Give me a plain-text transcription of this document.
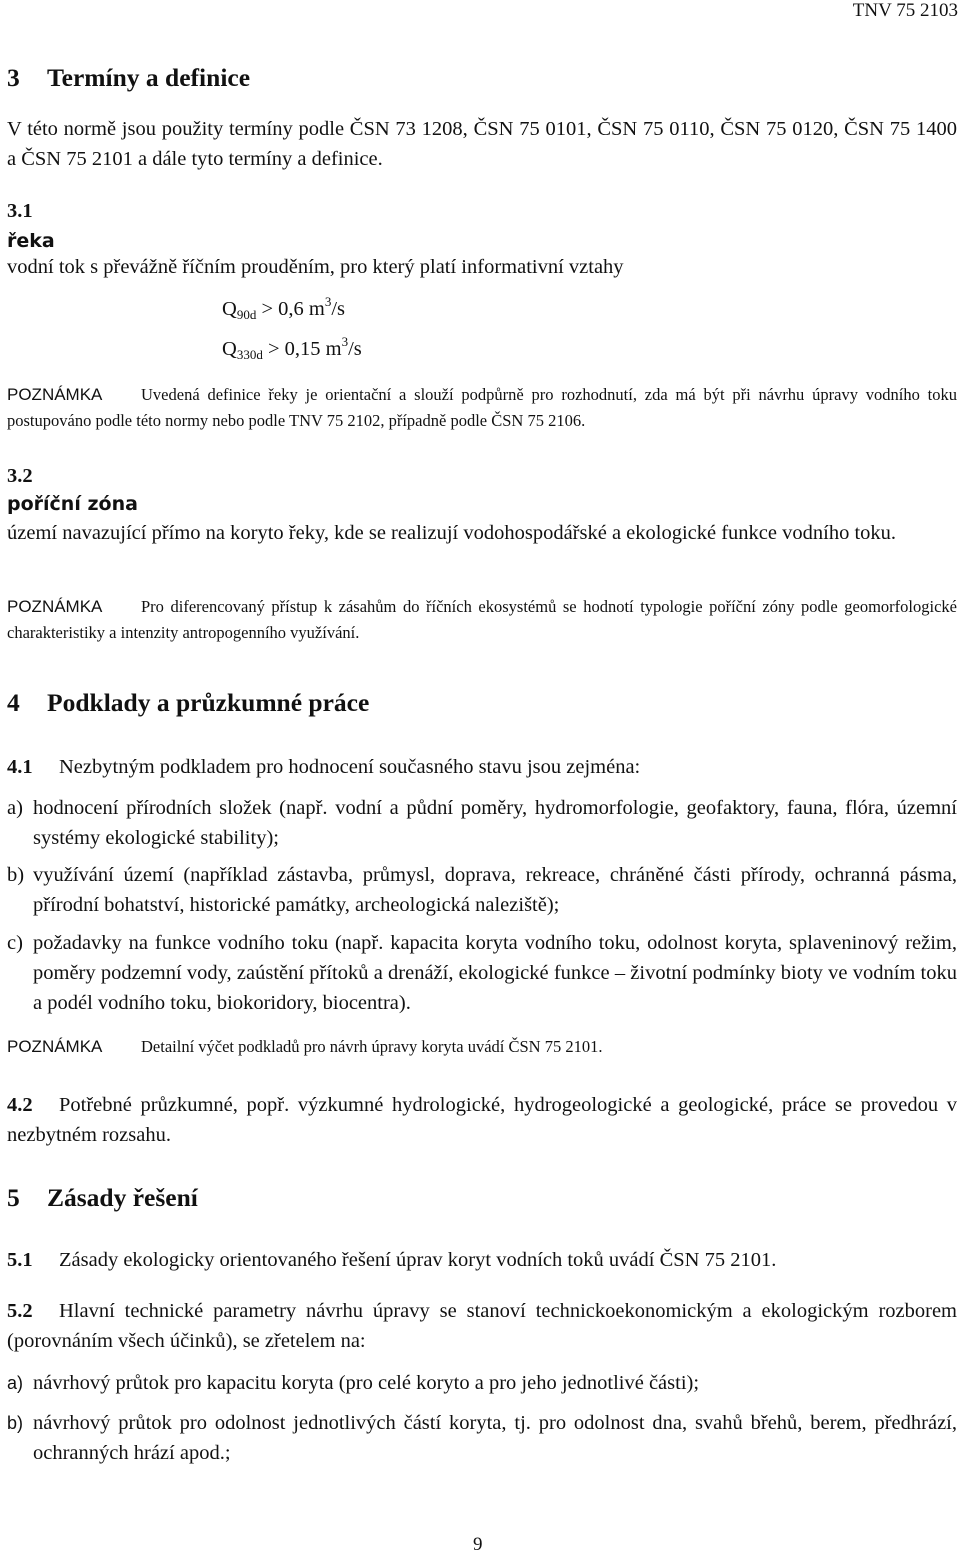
TNV 75 2103
3 Termíny a definice

V této normě jsou použity termíny podle ČSN 73 1208, ČSN 75 0101, ČSN 75 0110, ČSN 75 0120, ČSN 75 1400 a ČSN 75 2101 a dále tyto termíny a definice.

3.1
řeka

vodní tok s převážně říčním prouděním, pro který platí informativní vztahy

$Q_{90d} > 0,6$ $m^3/s$
$Q_{330d} > 0,15$ $m^3/s$

POZNÁMKA Uvedená definice řeky je orientační a slouží podpůrně pro rozhodnutí, zda má být při návrhu úpravy vodního toku postupováno podle této normy nebo podle TNV 75 2102, případně podle ČSN 75 2106.

3.2
poříční zóna

území navazující přímo na koryto řeky, kde se realizují vodohospodářské a ekologické funkce vodního toku.

POZNÁMKA Pro diferencovaný přístup k zásahům do říčních ekosystémů se hodnotí typologie poříční zóny podle geomorfologické charakteristiky a intenzity antropogenního využívání.

4 Podklady a průzkumné práce

4.1 Nezbytným podkladem pro hodnocení současného stavu jsou zejména:

a) hodnocení přírodních složek (např. vodní a půdní poměry, hydromorfologie, geofaktory, fauna, flóra, územní systémy ekologické stability);

b) využívání území (například zástavba, průmysl, doprava, rekreace, chráněné části přírody, ochranná pásma, přírodní bohatství, historické památky, archeologická naleziště);

c) požadavky na funkce vodního toku (např. kapacita koryta vodního toku, odolnost koryta, splaveninový režim, poměry podzemní vody, zaústění přítoků a drenáží, ekologické funkce – životní podmínky bioty ve vodním toku a podél vodního toku, biokoridory, biocentra).

POZNÁMKA Detailní výčet podkladů pro návrh úpravy koryta uvádí ČSN 75 2101.

4.2 Potřebné průzkumné, popř. výzkumné hydrologické, hydrogeologické a geologické, práce se provedou v nezbytném rozsahu.

5 Zásady řešení

5.1 Zásady ekologicky orientovaného řešení úprav koryt vodních toků uvádí ČSN 75 2101.

5.2 Hlavní technické parametry návrhu úpravy se stanoví technickoekonomickým a ekologickým rozborem (porovnáním všech účinků), se zřetelem na:

a) návrhový průtok pro kapacitu koryta (pro celé koryto a pro jeho jednotlivé části);

b) návrhový průtok pro odolnost jednotlivých částí koryta, tj. pro odolnost dna, svahů břehů, berem, předhrází, ochranných hrází apod.;

9
